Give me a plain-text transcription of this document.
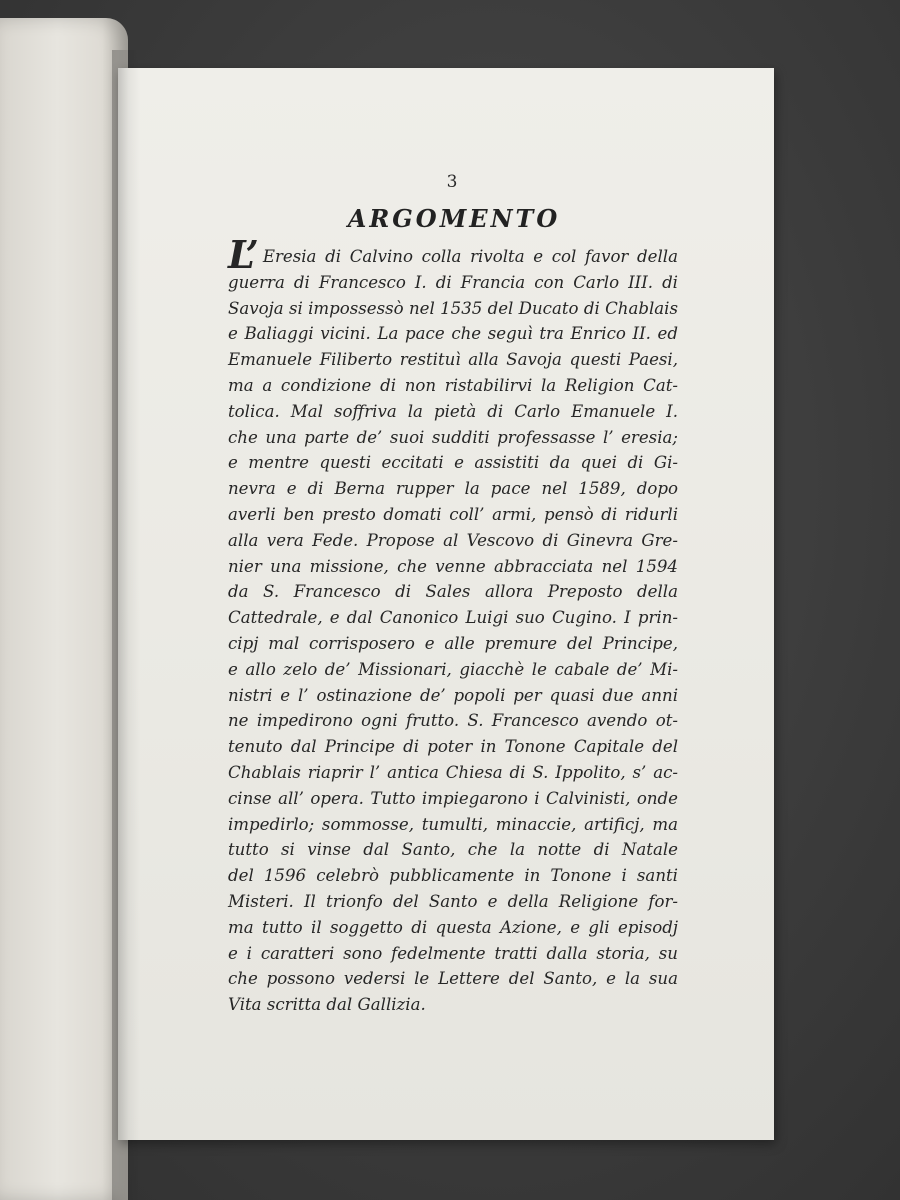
3
ARGOMENTO
L’ Eresia di Calvino colla rivolta e col favor della
guerra di Francesco I. di Francia con Carlo III. di
Savoja si impossessò nel 1535 del Ducato di Chablais
e Baliaggi vicini. La pace che seguì tra Enrico II. ed
Emanuele Filiberto restituì alla Savoja questi Paesi,
ma a condizione di non ristabilirvi la Religion Cat-
tolica. Mal soffriva la pietà di Carlo Emanuele I.
che una parte de’ suoi sudditi professasse l’ eresia;
e mentre questi eccitati e assistiti da quei di Gi-
nevra e di Berna rupper la pace nel 1589, dopo
averli ben presto domati coll’ armi, pensò di ridurli
alla vera Fede. Propose al Vescovo di Ginevra Gre-
nier una missione, che venne abbracciata nel 1594
da S. Francesco di Sales allora Preposto della
Cattedrale, e dal Canonico Luigi suo Cugino. I prin-
cipj mal corrisposero e alle premure del Principe,
e allo zelo de’ Missionari, giacchè le cabale de’ Mi-
nistri e l’ ostinazione de’ popoli per quasi due anni
ne impedirono ogni frutto. S. Francesco avendo ot-
tenuto dal Principe di poter in Tonone Capitale del
Chablais riaprir l’ antica Chiesa di S. Ippolito, s’ ac-
cinse all’ opera. Tutto impiegarono i Calvinisti, onde
impedirlo; sommosse, tumulti, minaccie, artificj, ma
tutto si vinse dal Santo, che la notte di Natale
del 1596 celebrò pubblicamente in Tonone i santi
Misteri. Il trionfo del Santo e della Religione for-
ma tutto il soggetto di questa Azione, e gli episodj
e i caratteri sono fedelmente tratti dalla storia, su
che possono vedersi le Lettere del Santo, e la sua
Vita scritta dal Gallizia.
